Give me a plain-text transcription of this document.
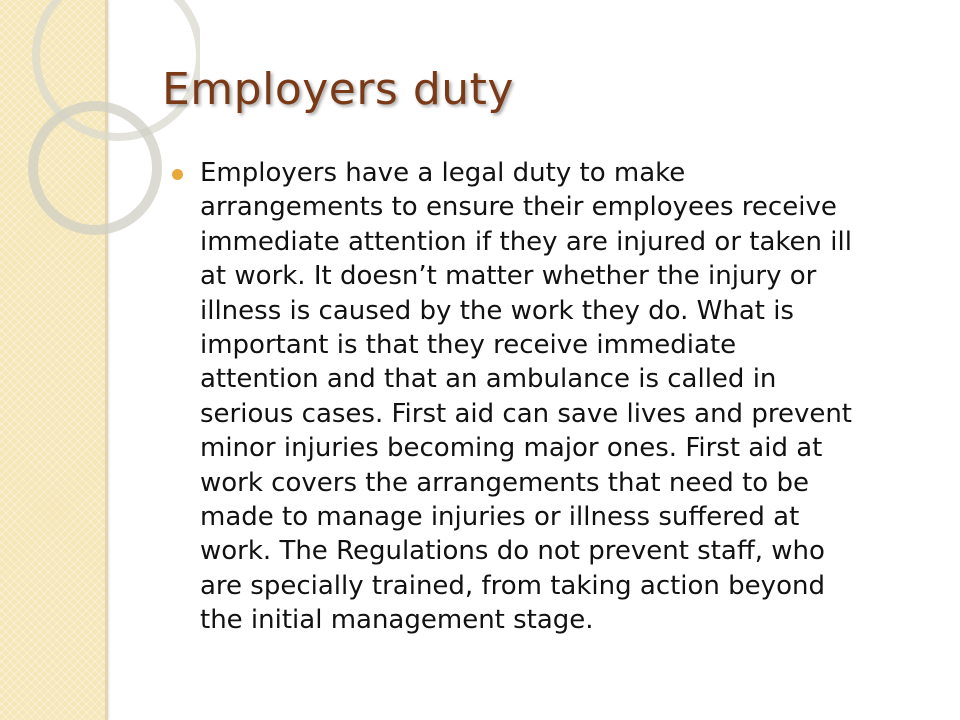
Employers duty
Employers have a legal duty to make
arrangements to ensure their employees receive
immediate attention if they are injured or taken ill
at work. It doesn’t matter whether the injury or
illness is caused by the work they do. What is
important is that they receive immediate
attention and that an ambulance is called in
serious cases. First aid can save lives and prevent
minor injuries becoming major ones. First aid at
work covers the arrangements that need to be
made to manage injuries or illness suffered at
work. The Regulations do not prevent staff, who
are specially trained, from taking action beyond
the initial management stage.
